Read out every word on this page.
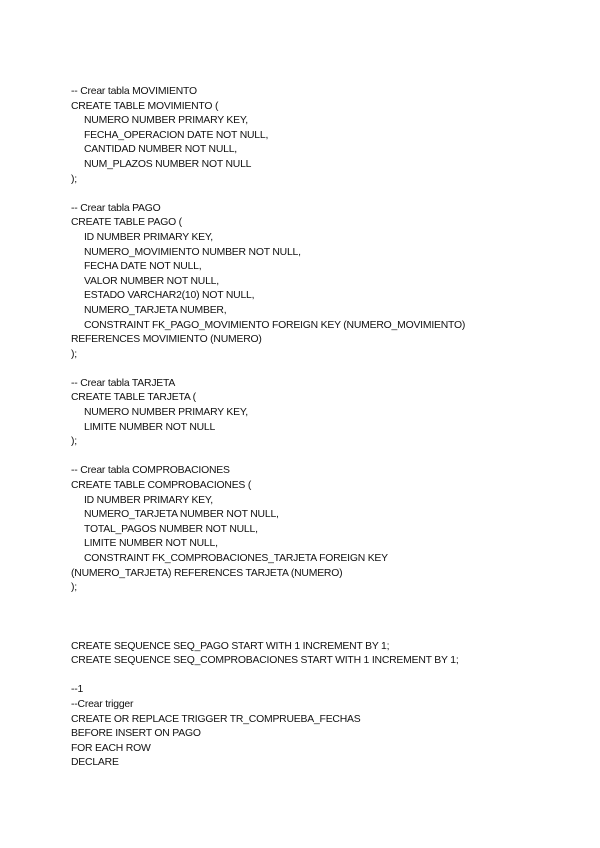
-- Crear tabla MOVIMIENTO
CREATE TABLE MOVIMIENTO (
NUMERO NUMBER PRIMARY KEY,
FECHA_OPERACION DATE NOT NULL,
CANTIDAD NUMBER NOT NULL,
NUM_PLAZOS NUMBER NOT NULL
);
-- Crear tabla PAGO
CREATE TABLE PAGO (
ID NUMBER PRIMARY KEY,
NUMERO_MOVIMIENTO NUMBER NOT NULL,
FECHA DATE NOT NULL,
VALOR NUMBER NOT NULL,
ESTADO VARCHAR2(10) NOT NULL,
NUMERO_TARJETA NUMBER,
CONSTRAINT FK_PAGO_MOVIMIENTO FOREIGN KEY (NUMERO_MOVIMIENTO)
REFERENCES MOVIMIENTO (NUMERO)
);
-- Crear tabla TARJETA
CREATE TABLE TARJETA (
NUMERO NUMBER PRIMARY KEY,
LIMITE NUMBER NOT NULL
);
-- Crear tabla COMPROBACIONES
CREATE TABLE COMPROBACIONES (
ID NUMBER PRIMARY KEY,
NUMERO_TARJETA NUMBER NOT NULL,
TOTAL_PAGOS NUMBER NOT NULL,
LIMITE NUMBER NOT NULL,
CONSTRAINT FK_COMPROBACIONES_TARJETA FOREIGN KEY
(NUMERO_TARJETA) REFERENCES TARJETA (NUMERO)
);
CREATE SEQUENCE SEQ_PAGO START WITH 1 INCREMENT BY 1;
CREATE SEQUENCE SEQ_COMPROBACIONES START WITH 1 INCREMENT BY 1;
--1
--Crear trigger
CREATE OR REPLACE TRIGGER TR_COMPRUEBA_FECHAS
BEFORE INSERT ON PAGO
FOR EACH ROW
DECLARE
